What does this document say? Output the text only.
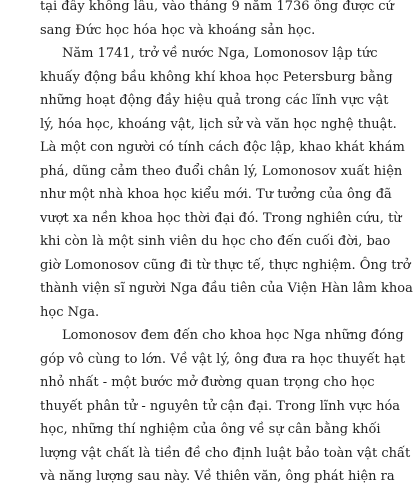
tại đây không lâu, vào tháng 9 năm 1736 ông được cử
sang Đức học hóa học và khoáng sản học.
Năm 1741, trở về nước Nga, Lomonosov lập tức
khuấy động bầu không khí khoa học Petersburg bằng
những hoạt động đầy hiệu quả trong các lĩnh vực vật
lý, hóa học, khoáng vật, lịch sử và văn học nghệ thuật.
Là một con người có tính cách độc lập, khao khát khám
phá, dũng cảm theo đuổi chân lý, Lomonosov xuất hiện
như một nhà khoa học kiểu mới. Tư tưởng của ông đã
vượt xa nền khoa học thời đại đó. Trong nghiên cứu, từ
khi còn là một sinh viên du học cho đến cuối đời, bao
giờ Lomonosov cũng đi từ thực tế, thực nghiệm. Ông trở
thành viện sĩ người Nga đầu tiên của Viện Hàn lâm khoa
học Nga.
Lomonosov đem đến cho khoa học Nga những đóng
góp vô cùng to lớn. Về vật lý, ông đưa ra học thuyết hạt
nhỏ nhất - một bước mở đường quan trọng cho học
thuyết phân tử - nguyên tử cận đại. Trong lĩnh vực hóa
học, những thí nghiệm của ông về sự cân bằng khối
lượng vật chất là tiền đề cho định luật bảo toàn vật chất
và năng lượng sau này. Về thiên văn, ông phát hiện ra
